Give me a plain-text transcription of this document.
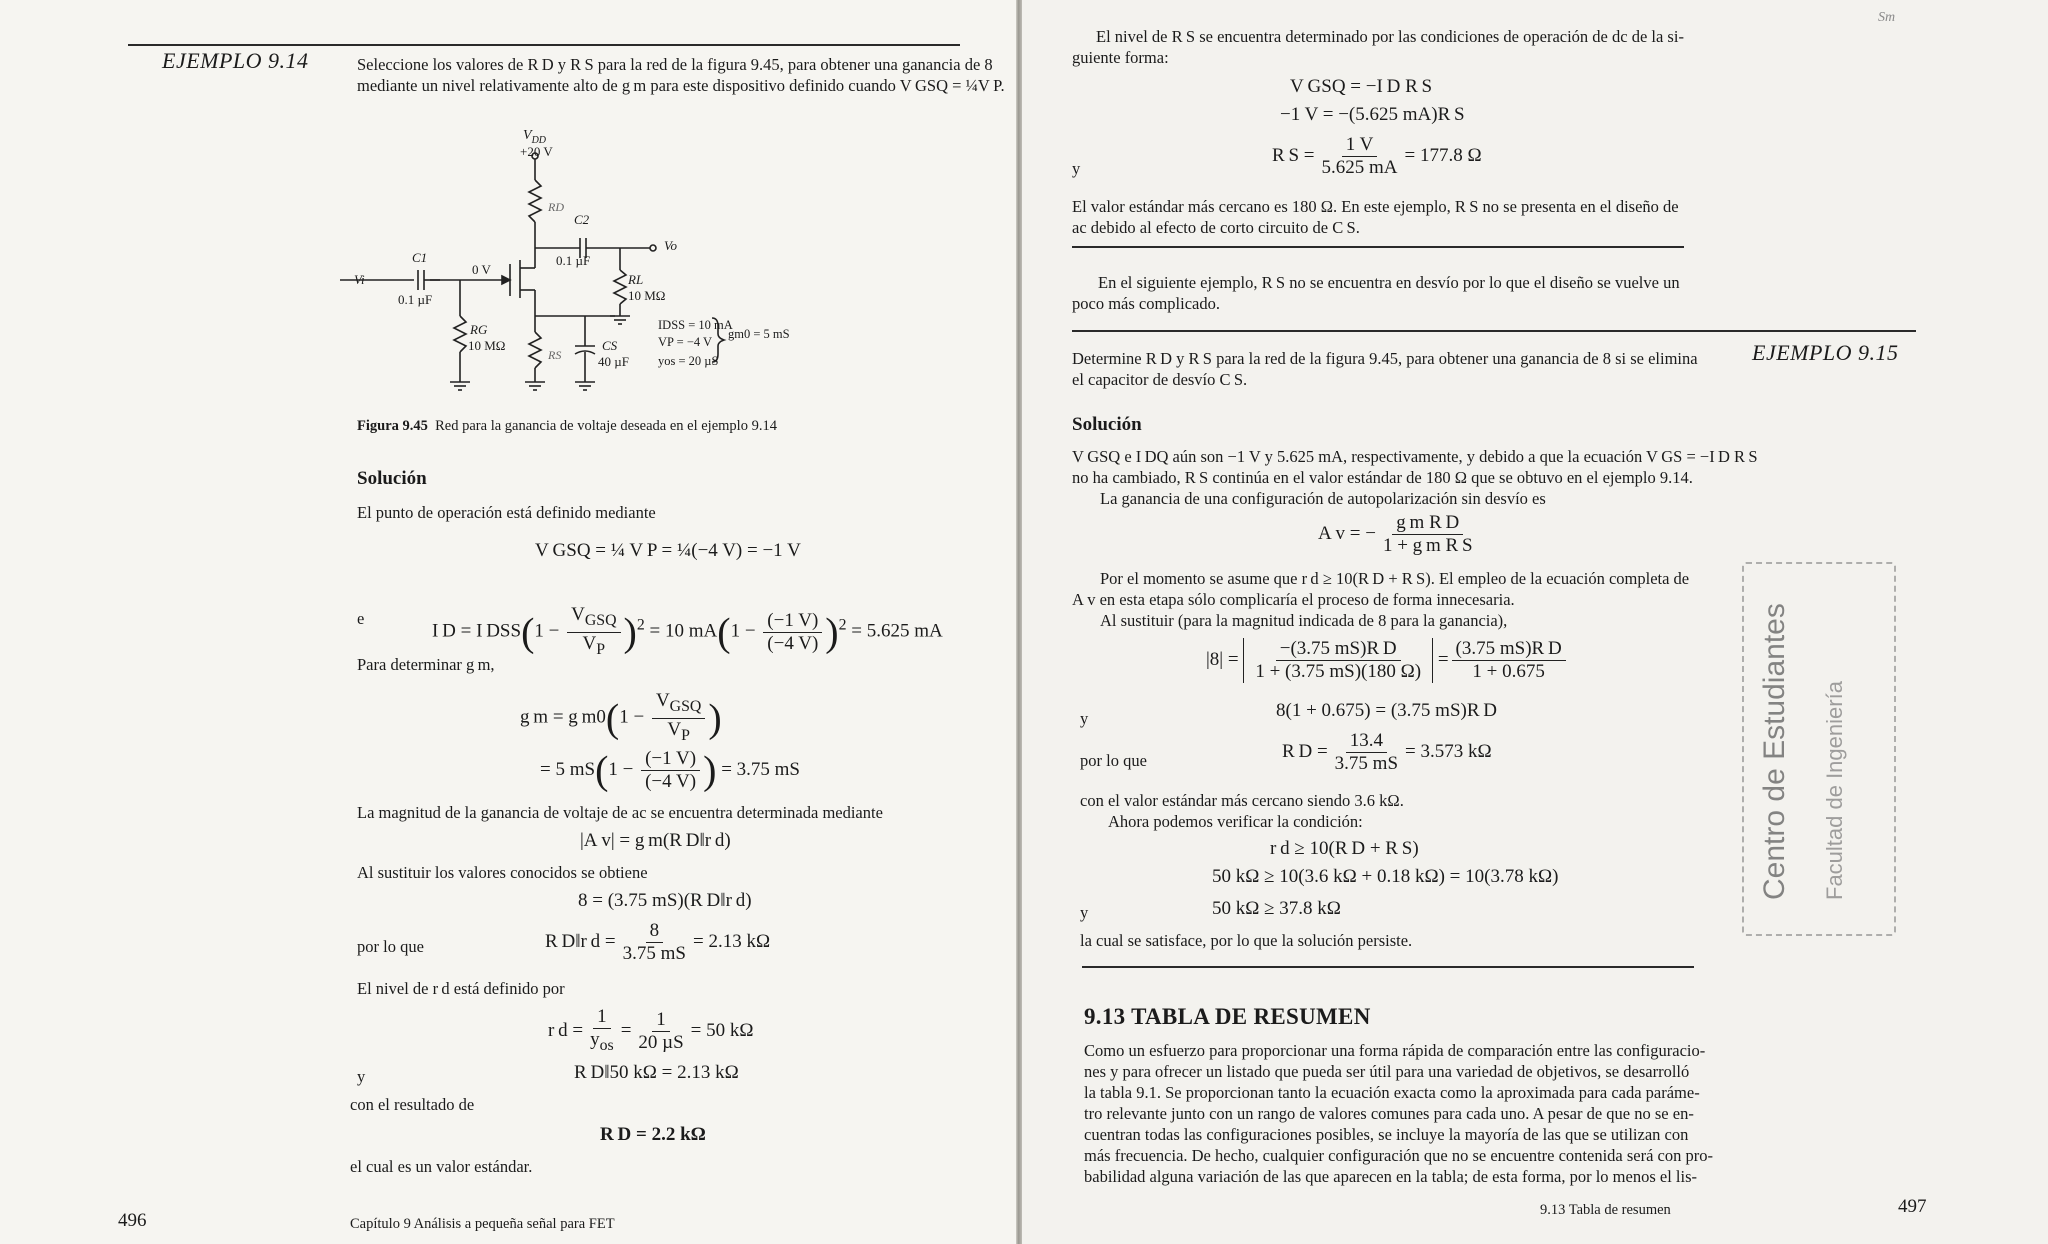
EJEMPLO 9.14	Seleccione los valores de R D y R S para la red de la figura 9.45, para obtener una ganancia de 8
mediante un nivel relativamente alto de g m para este dispositivo definido cuando V GSQ = ¼V P.
$V_{DD}$
+20 V
C2
0.1 µF
Vo
C1
0.1 µF
Vi
0 V
RD
RL
10 MΩ
RG
10 MΩ
RS
CS
40 µF
IDSS = 10 mA
VP = −4 V
yos = 20 µS
gm0 = 5 mS
Figura 9.45 Red para la ganancia de voltaje deseada en el ejemplo 9.14
Solución
El punto de operación está definido mediante
V GSQ = ¼ V P = ¼(−4 V) = −1 V
e
I D = I $DSS(1 - \frac{V_{GSQ}}{V_P} )^2 = 10$ $mA(1 - \frac{(-1 V)}{(-4 V)} )^2 = 5.625$ mA
Para determinar g m,
g m = g $m0(1 - \frac{V_{GSQ}}{V_P}$ )
= 5 $mS(1 - \frac{(-1 V)}{(-4 V)}$ ) = 3.75 mS
La magnitud de la ganancia de voltaje de ac se encuentra determinada mediante
|A v| = g m(R D‖r d)
Al sustituir los valores conocidos se obtiene
8 = (3.75 mS)(R D‖r d)
por lo que	R D‖r $d = \frac{8}{3.75 mS} = 2.13$ kΩ
El nivel de r d está definido por
r $d = \frac{1}{y_{os}} = \frac{1}{\text{20 µS}} = 50$ kΩ
y	R D‖50 kΩ = 2.13 kΩ
con el resultado de
R D = 2.2 kΩ
el cual es un valor estándar.
496	Capítulo 9 Análisis a pequeña señal para FET
Sm
El nivel de R S se encuentra determinado por las condiciones de operación de dc de la si-
guiente forma:
V GSQ = −I D R S
−1 V = −(5.625 mA)R S
y
R $S = \frac{1 V}{5.625 mA} = 177.8$ Ω
El valor estándar más cercano es 180 Ω. En este ejemplo, R S no se presenta en el diseño de
ac debido al efecto de corto circuito de C S.
En el siguiente ejemplo, R S no se encuentra en desvío por lo que el diseño se vuelve un
poco más complicado.
Determine R D y R S para la red de la figura 9.45, para obtener una ganancia de 8 si se elimina
el capacitor de desvío C S.
EJEMPLO 9.15
Solución
V GSQ e I DQ aún son −1 V y 5.625 mA, respectivamente, y debido a que la ecuación V GS = −I D R S
no ha cambiado, R S continúa en el valor estándar de 180 Ω que se obtuvo en el ejemplo 9.14.
La ganancia de una configuración de autopolarización sin desvío es
A v = − $\frac{\text{g m R D}}{\text{1 + g m R S}}$
Por el momento se asume que r d ≥ 10(R D + R S). El empleo de la ecuación completa de
A v en esta etapa sólo complicaría el proceso de forma innecesaria.
Al sustituir (para la magnitud indicada de 8 para la ganancia),
$|8| = \frac{\text{−(3.75 mS)R D}}{1 + (3.75 mS)(180 \Omega)} = \frac{\text{(3.75 mS)R D}}{1 + 0.675}$
y	8(1 + 0.675) = (3.75 mS)R D
por lo que	R $D = \frac{13.4}{3.75 mS} = 3.573$ kΩ
con el valor estándar más cercano siendo 3.6 kΩ.
Ahora podemos verificar la condición:
r d ≥ 10(R D + R S)
50 kΩ ≥ 10(3.6 kΩ + 0.18 kΩ) = 10(3.78 kΩ)
y	50 kΩ ≥ 37.8 kΩ
la cual se satisface, por lo que la solución persiste.
9.13 TABLA DE RESUMEN
Como un esfuerzo para proporcionar una forma rápida de comparación entre las configuracio-
nes y para ofrecer un listado que pueda ser útil para una variedad de objetivos, se desarrolló
la tabla 9.1. Se proporcionan tanto la ecuación exacta como la aproximada para cada paráme-
tro relevante junto con un rango de valores comunes para cada uno. A pesar de que no se en-
cuentran todas las configuraciones posibles, se incluye la mayoría de las que se utilizan con
más frecuencia. De hecho, cualquier configuración que no se encuentre contenida será con pro-
babilidad alguna variación de las que aparecen en la tabla; de esta forma, por lo menos el lis-
9.13 Tabla de resumen	497
Centro de Estudiantes Facultad de Ingeniería
